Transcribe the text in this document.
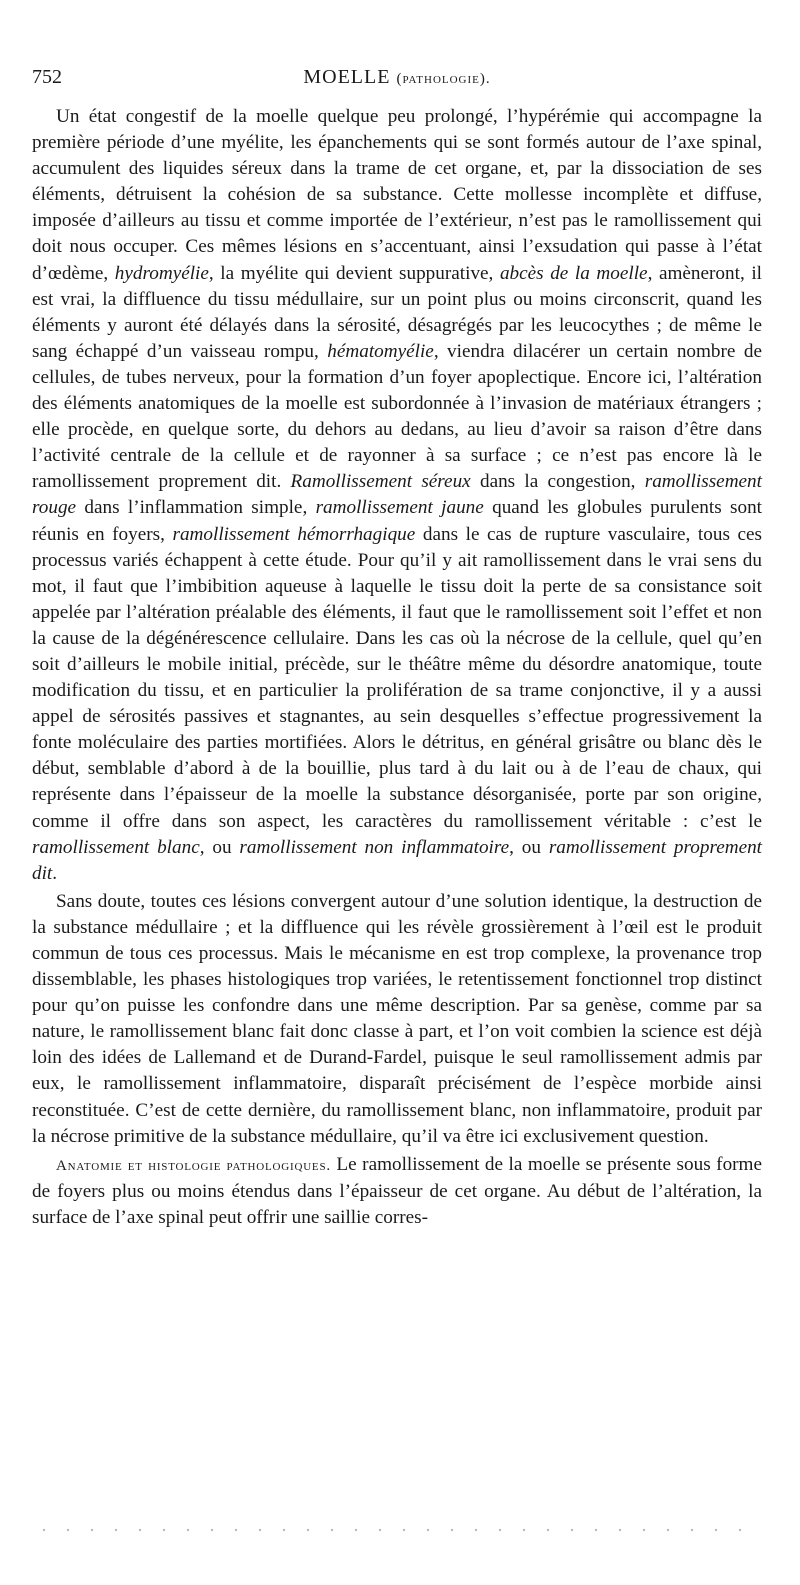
752	MOELLE (pathologie).

Un état congestif de la moelle quelque peu prolongé, l’hypérémie qui accompagne la première période d’une myélite, les épanchements qui se sont formés autour de l’axe spinal, accumulent des liquides séreux dans la trame de cet organe, et, par la dissociation de ses éléments, détruisent la cohésion de sa substance. Cette mollesse incomplète et diffuse, imposée d’ailleurs au tissu et comme importée de l’extérieur, n’est pas le ramollissement qui doit nous occuper. Ces mêmes lésions en s’accentuant, ainsi l’exsudation qui passe à l’état d’œdème, hydromyélie, la myélite qui devient suppurative, abcès de la moelle, amèneront, il est vrai, la diffluence du tissu médullaire, sur un point plus ou moins circonscrit, quand les éléments y auront été délayés dans la sérosité, désagrégés par les leucocythes ; de même le sang échappé d’un vaisseau rompu, hématomyélie, viendra dilacérer un certain nombre de cellules, de tubes nerveux, pour la formation d’un foyer apoplectique. Encore ici, l’altération des éléments anatomiques de la moelle est subordonnée à l’invasion de matériaux étrangers ; elle procède, en quelque sorte, du dehors au dedans, au lieu d’avoir sa raison d’être dans l’activité centrale de la cellule et de rayonner à sa surface ; ce n’est pas encore là le ramollissement proprement dit. Ramollissement séreux dans la congestion, ramollissement rouge dans l’inflammation simple, ramollissement jaune quand les globules purulents sont réunis en foyers, ramollissement hémorrhagique dans le cas de rupture vasculaire, tous ces processus variés échappent à cette étude. Pour qu’il y ait ramollissement dans le vrai sens du mot, il faut que l’imbibition aqueuse à laquelle le tissu doit la perte de sa consistance soit appelée par l’altération préalable des éléments, il faut que le ramollissement soit l’effet et non la cause de la dégénérescence cellulaire. Dans les cas où la nécrose de la cellule, quel qu’en soit d’ailleurs le mobile initial, précède, sur le théâtre même du désordre anatomique, toute modification du tissu, et en particulier la prolifération de sa trame conjonctive, il y a aussi appel de sérosités passives et stagnantes, au sein desquelles s’effectue progressivement la fonte moléculaire des parties mortifiées. Alors le détritus, en général grisâtre ou blanc dès le début, semblable d’abord à de la bouillie, plus tard à du lait ou à de l’eau de chaux, qui représente dans l’épaisseur de la moelle la substance désorganisée, porte par son origine, comme il offre dans son aspect, les caractères du ramollissement véritable : c’est le ramollissement blanc, ou ramollissement non inflammatoire, ou ramollissement proprement dit.

Sans doute, toutes ces lésions convergent autour d’une solution identique, la destruction de la substance médullaire ; et la diffluence qui les révèle grossièrement à l’œil est le produit commun de tous ces processus. Mais le mécanisme en est trop complexe, la provenance trop dissemblable, les phases histologiques trop variées, le retentissement fonctionnel trop distinct pour qu’on puisse les confondre dans une même description. Par sa genèse, comme par sa nature, le ramollissement blanc fait donc classe à part, et l’on voit combien la science est déjà loin des idées de Lallemand et de Durand-Fardel, puisque le seul ramollissement admis par eux, le ramollissement inflammatoire, disparaît précisément de l’espèce morbide ainsi reconstituée. C’est de cette dernière, du ramollissement blanc, non inflammatoire, produit par la nécrose primitive de la substance médullaire, qu’il va être ici exclusivement question.

Anatomie et histologie pathologiques. Le ramollissement de la moelle se présente sous forme de foyers plus ou moins étendus dans l’épaisseur de cet organe. Au début de l’altération, la surface de l’axe spinal peut offrir une saillie corres-
